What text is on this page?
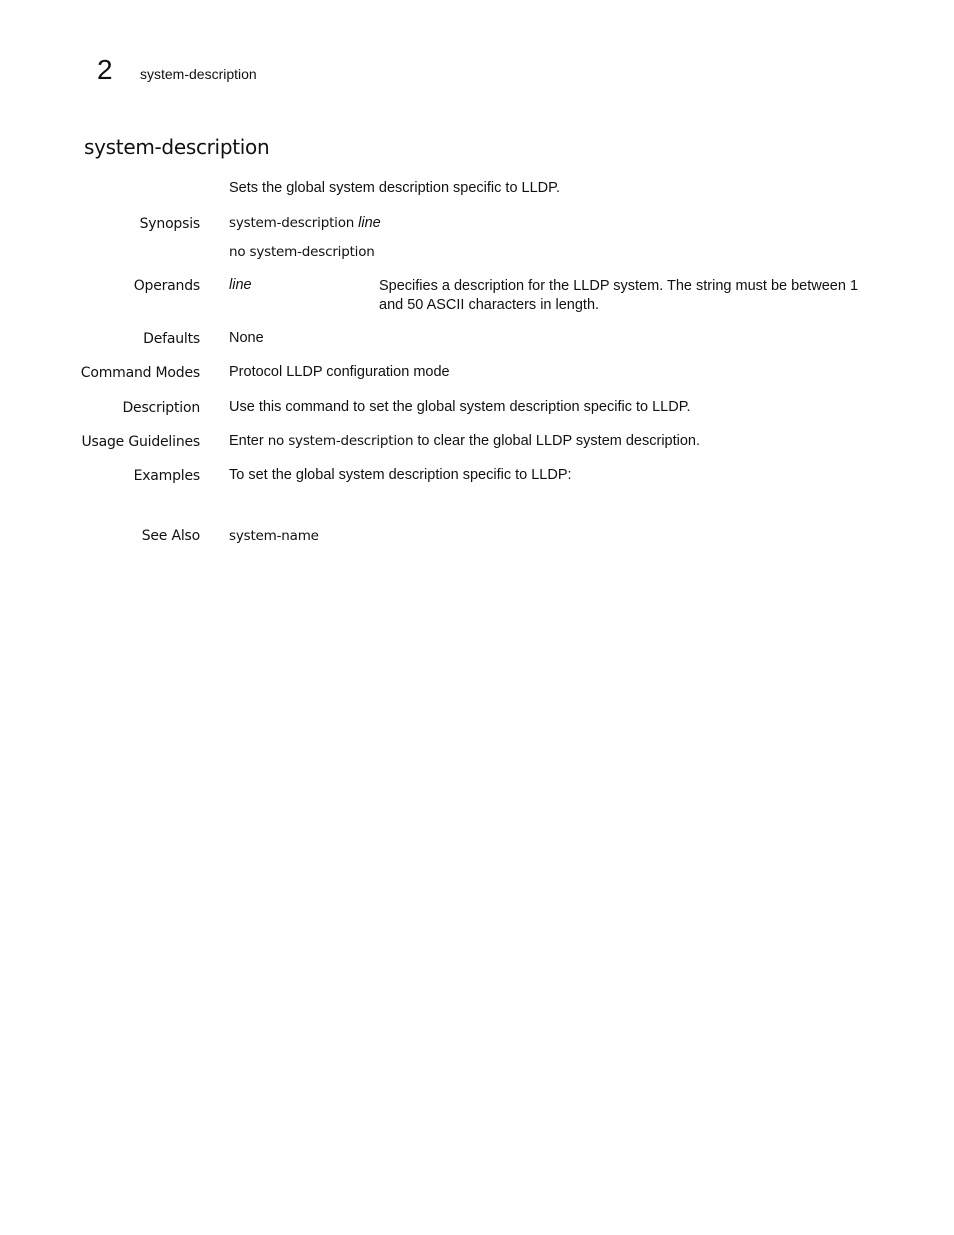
2 system-description
system-description
Sets the global system description specific to LLDP.
Synopsis system-description line
no system-description
Operands line	Specifies a description for the LLDP system. The string must be between 1 and 50 ASCII characters in length.
Defaults None
Command Modes Protocol LLDP configuration mode
Description Use this command to set the global system description specific to LLDP.
Usage Guidelines Enter no system-description to clear the global LLDP system description.
Examples To set the global system description specific to LLDP:
See Also system-name
